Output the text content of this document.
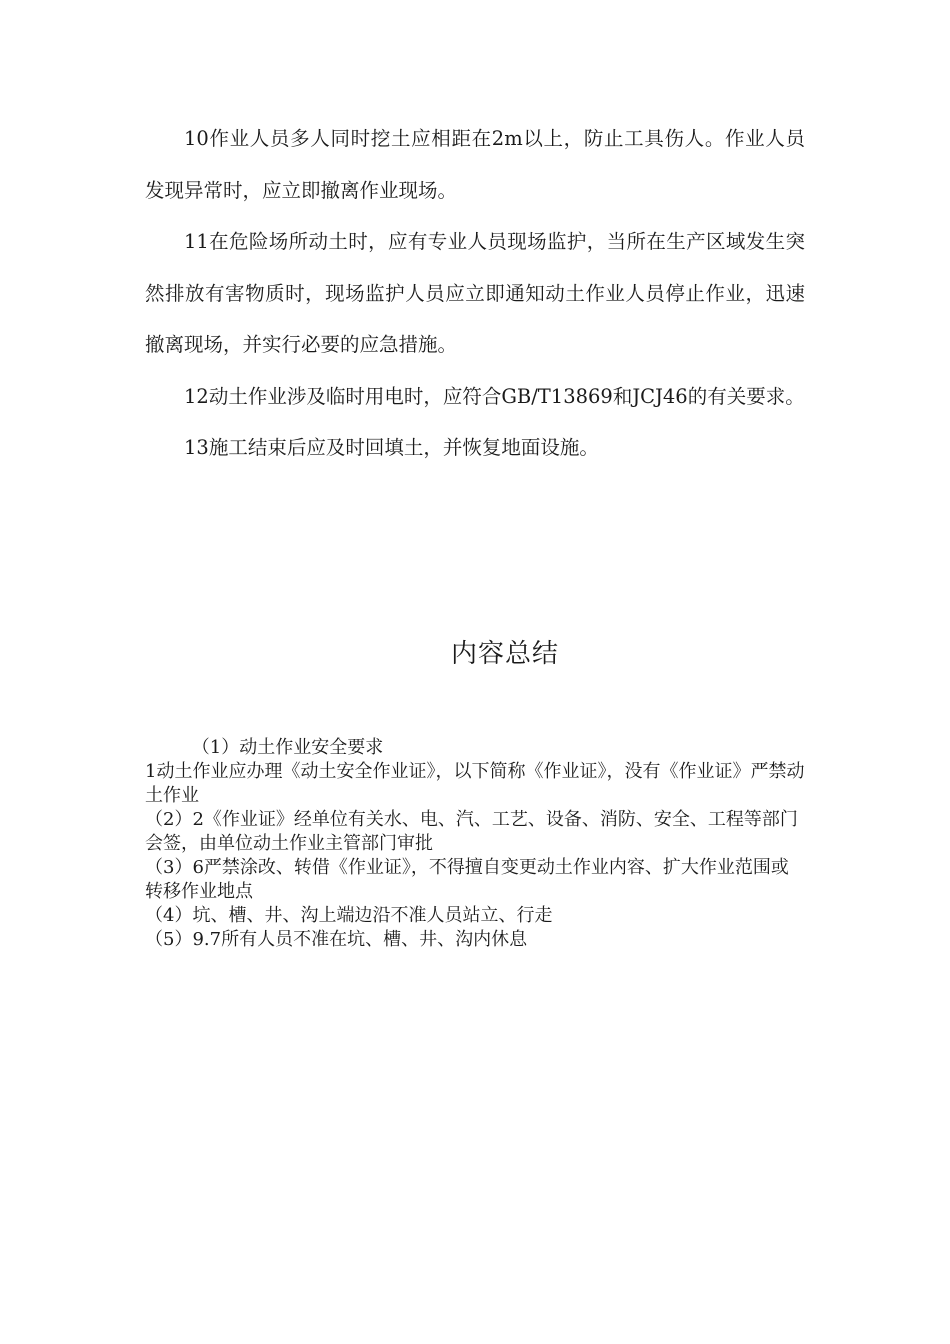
10作业人员多人同时挖土应相距在2m以上，防止工具伤人。作业人员发现异常时，应立即撤离作业现场。

11在危险场所动土时，应有专业人员现场监护，当所在生产区域发生突然排放有害物质时，现场监护人员应立即通知动土作业人员停止作业，迅速撤离现场，并实行必要的应急措施。

12动土作业涉及临时用电时，应符合GB/T13869和JCJ46的有关要求。

13施工结束后应及时回填土，并恢复地面设施。

内容总结

（1）动土作业安全要求

1动土作业应办理《动土安全作业证》，以下简称《作业证》，没有《作业证》严禁动土作业

（2）2《作业证》经单位有关水、电、汽、工艺、设备、消防、安全、工程等部门会签，由单位动土作业主管部门审批

（3）6严禁涂改、转借《作业证》，不得擅自变更动土作业内容、扩大作业范围或转移作业地点

（4）坑、槽、井、沟上端边沿不准人员站立、行走

（5）9.7所有人员不准在坑、槽、井、沟内休息
